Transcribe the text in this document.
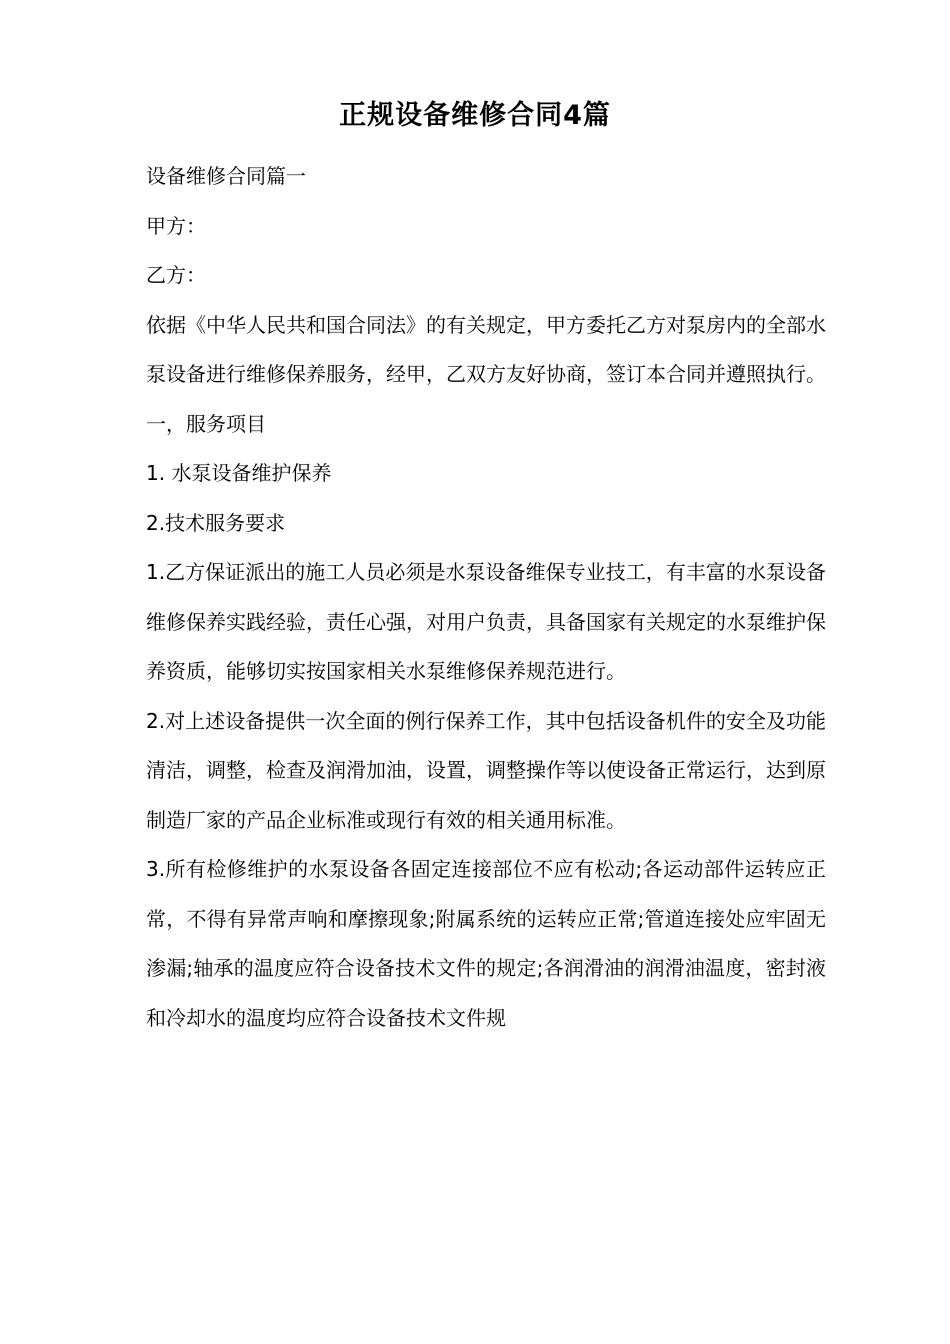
正规设备维修合同4篇

设备维修合同篇一

甲方：

乙方：

依据《中华人民共和国合同法》的有关规定，甲方委托乙方对泵房内的全部水泵设备进行维修保养服务，经甲，乙双方友好协商，签订本合同并遵照执行。

一，服务项目

1. 水泵设备维护保养

2.技术服务要求

1.乙方保证派出的施工人员必须是水泵设备维保专业技工，有丰富的水泵设备维修保养实践经验，责任心强，对用户负责，具备国家有关规定的水泵维护保养资质，能够切实按国家相关水泵维修保养规范进行。

2.对上述设备提供一次全面的例行保养工作，其中包括设备机件的安全及功能清洁，调整，检查及润滑加油，设置，调整操作等以使设备正常运行，达到原制造厂家的产品企业标准或现行有效的相关通用标准。

3.所有检修维护的水泵设备各固定连接部位不应有松动;各运动部件运转应正常，不得有异常声响和摩擦现象;附属系统的运转应正常;管道连接处应牢固无渗漏;轴承的温度应符合设备技术文件的规定;各润滑油的润滑油温度，密封液和冷却水的温度均应符合设备技术文件规
